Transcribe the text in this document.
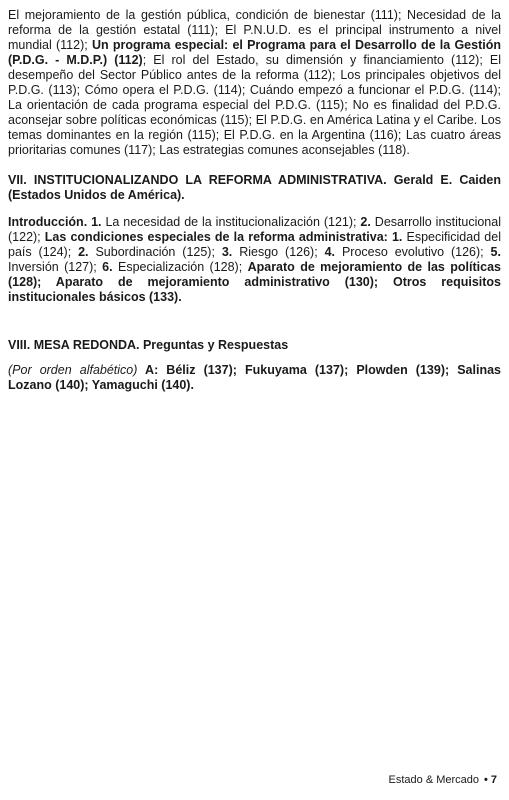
El mejoramiento de la gestión pública, condición de bienestar (111); Necesidad de la reforma de la gestión estatal (111); El P.N.U.D. es el principal instrumento a nivel mundial (112); Un programa especial: el Programa para el Desarrollo de la Gestión (P.D.G. - M.D.P.) (112); El rol del Estado, su dimensión y financiamiento (112); El desempeño del Sector Público antes de la reforma (112); Los principales objetivos del P.D.G. (113); Cómo opera el P.D.G. (114); Cuándo empezó a funcionar el P.D.G. (114); La orientación de cada programa especial del P.D.G. (115); No es finalidad del P.D.G. aconsejar sobre políticas económicas (115); El P.D.G. en América Latina y el Caribe. Los temas dominantes en la región (115); El P.D.G. en la Argentina (116); Las cuatro áreas prioritarias comunes (117); Las estrategias comunes aconsejables (118).

VII. INSTITUCIONALIZANDO LA REFORMA ADMINISTRATIVA. Gerald E. Caiden (Estados Unidos de América).

Introducción. 1. La necesidad de la institucionalización (121); 2. Desarrollo institucional (122); Las condiciones especiales de la reforma administrativa: 1. Especificidad del país (124); 2. Subordinación (125); 3. Riesgo (126); 4. Proceso evolutivo (126); 5. Inversión (127); 6. Especialización (128); Aparato de mejoramiento de las políticas (128); Aparato de mejoramiento administrativo (130); Otros requisitos institucionales básicos (133).

VIII. MESA REDONDA. Preguntas y Respuestas

(Por orden alfabético) A: Béliz (137); Fukuyama (137); Plowden (139); Salinas Lozano (140); Yamaguchi (140).

Estado & Mercado • 7
